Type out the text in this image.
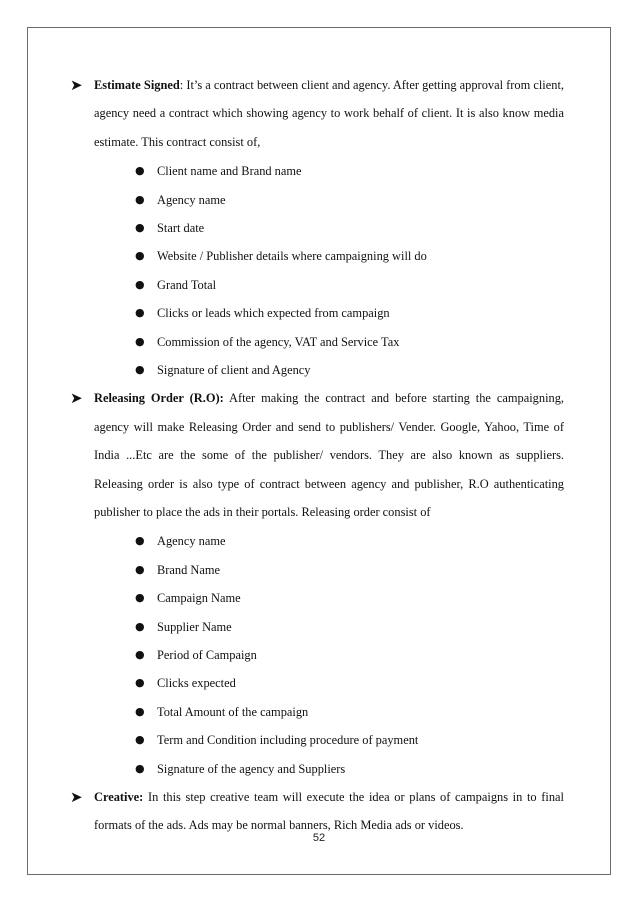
➤ Estimate Signed: It’s a contract between client and agency. After getting approval from client, agency need a contract which showing agency to work behalf of client. It is also know media estimate. This contract consist of,

● Client name and Brand name
● Agency name
● Start date
● Website / Publisher details where campaigning will do
● Grand Total
● Clicks or leads which expected from campaign
● Commission of the agency, VAT and Service Tax
● Signature of client and Agency

➤ Releasing Order (R.O): After making the contract and before starting the campaigning, agency will make Releasing Order and send to publishers/ Vender. Google, Yahoo, Time of India ...Etc are the some of the publisher/ vendors. They are also known as suppliers. Releasing order is also type of contract between agency and publisher, R.O authenticating publisher to place the ads in their portals. Releasing order consist of

● Agency name
● Brand Name
● Campaign Name
● Supplier Name
● Period of Campaign
● Clicks expected
● Total Amount of the campaign
● Term and Condition including procedure of payment
● Signature of the agency and Suppliers

➤ Creative: In this step creative team will execute the idea or plans of campaigns in to final formats of the ads. Ads may be normal banners, Rich Media ads or videos.

52
